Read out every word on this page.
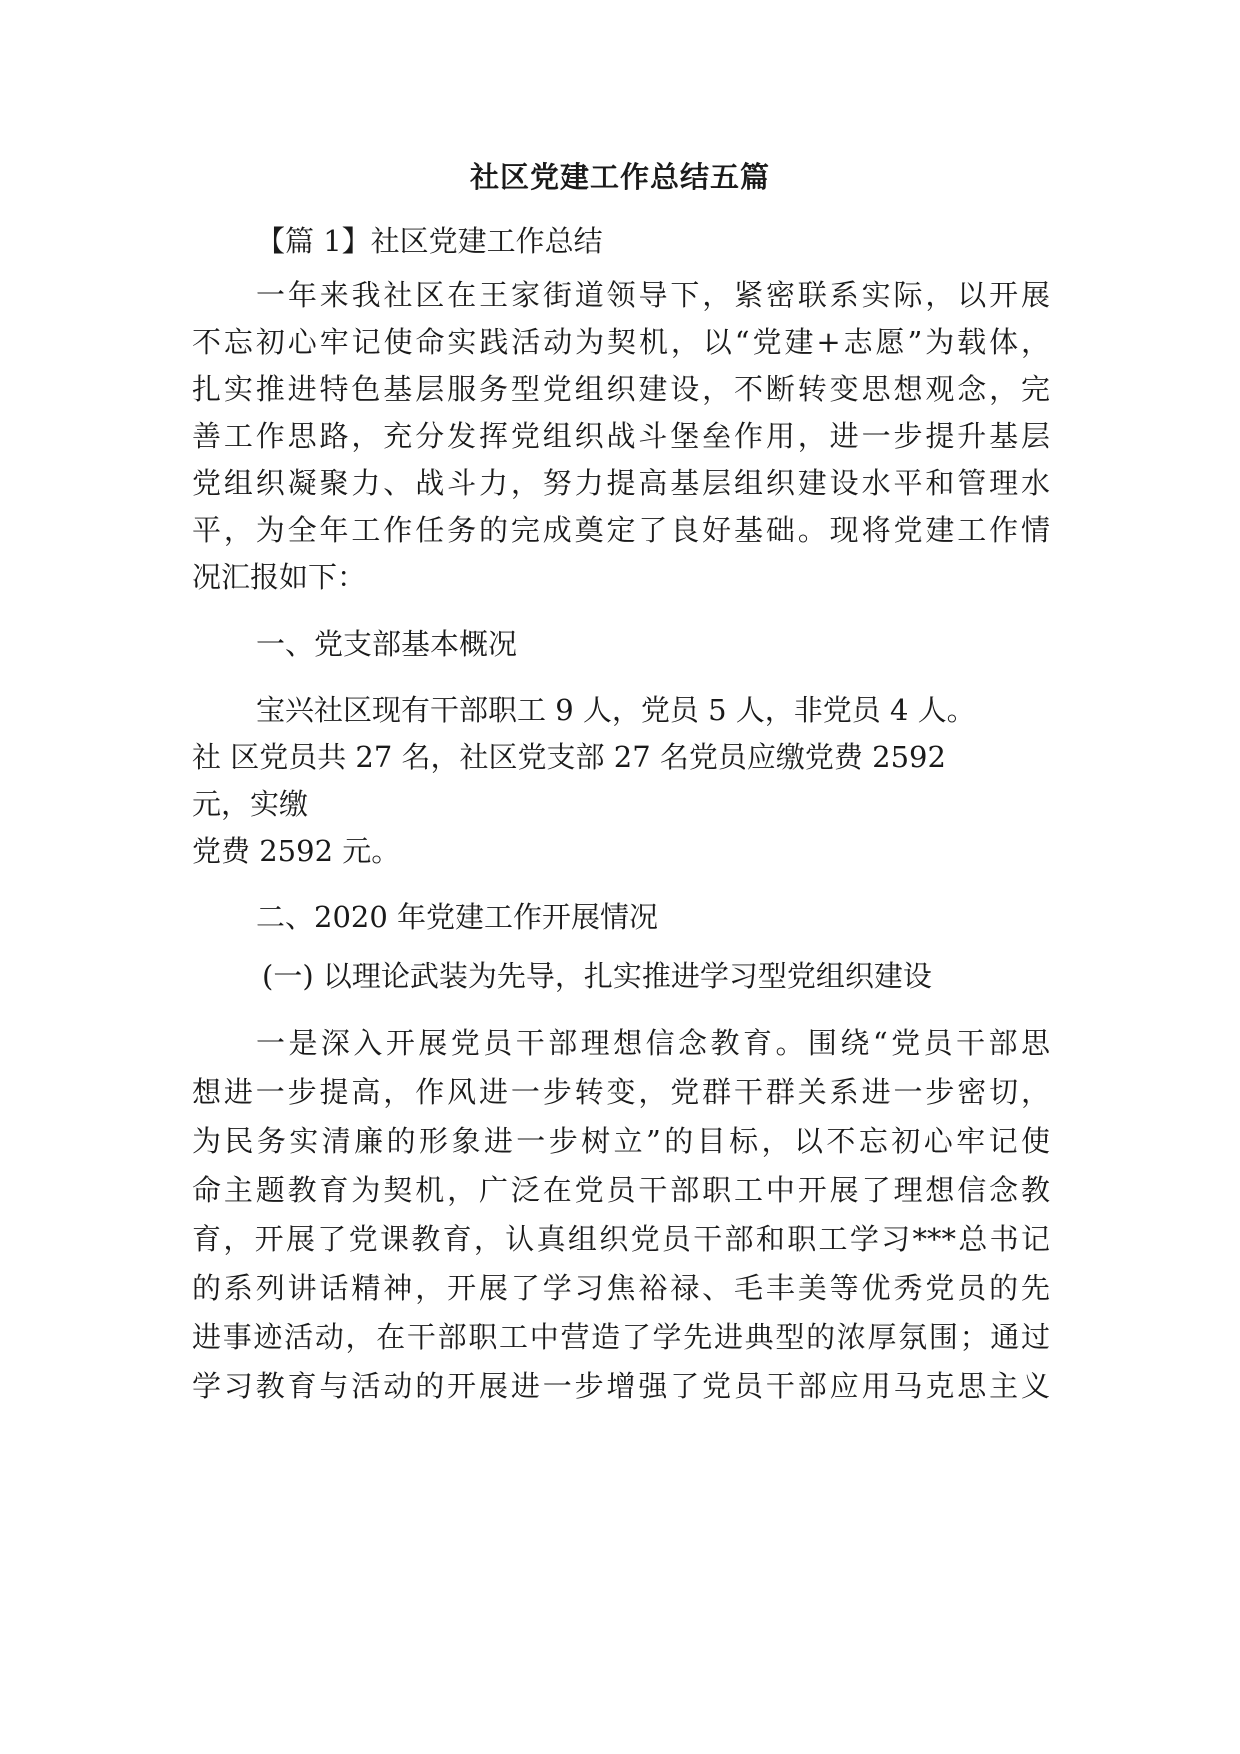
社区党建工作总结五篇
【篇 1】社区党建工作总结
一年来我社区在王家街道领导下，紧密联系实际，以开展
不忘初心牢记使命实践活动为契机，以“党建+志愿”为载体，
扎实推进特色基层服务型党组织建设，不断转变思想观念，完
善工作思路，充分发挥党组织战斗堡垒作用，进一步提升基层
党组织凝聚力、战斗力，努力提高基层组织建设水平和管理水
平，为全年工作任务的完成奠定了良好基础。现将党建工作情
况汇报如下：
一、党支部基本概况
宝兴社区现有干部职工 9 人，党员 5 人，非党员 4 人。
社 区党员共 27 名，社区党支部 27 名党员应缴党费 2592
元，实缴
党费 2592 元。
二、2020 年党建工作开展情况
(一) 以理论武装为先导，扎实推进学习型党组织建设
一是深入开展党员干部理想信念教育。围绕“党员干部思
想进一步提高，作风进一步转变，党群干群关系进一步密切，
为民务实清廉的形象进一步树立”的目标，以不忘初心牢记使
命主题教育为契机，广泛在党员干部职工中开展了理想信念教
育，开展了党课教育，认真组织党员干部和职工学习***总书记
的系列讲话精神，开展了学习焦裕禄、毛丰美等优秀党员的先
进事迹活动，在干部职工中营造了学先进典型的浓厚氛围；通过
学习教育与活动的开展进一步增强了党员干部应用马克思主义
